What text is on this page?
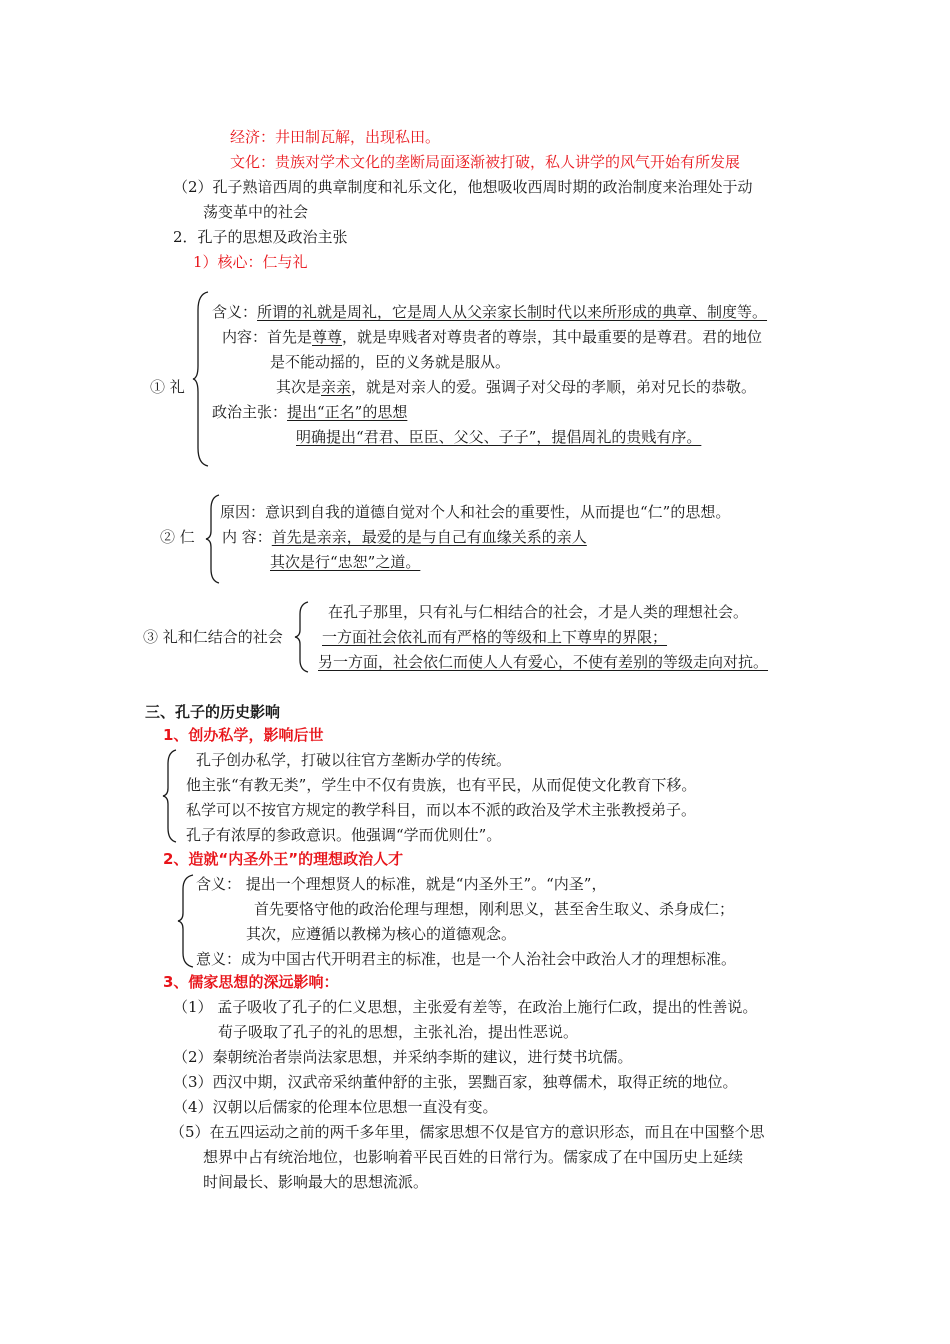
经济：井田制瓦解，出现私田。
文化：贵族对学术文化的垄断局面逐渐被打破，私人讲学的风气开始有所发展
（2）孔子熟谙西周的典章制度和礼乐文化，他想吸收西周时期的政治制度来治理处于动
荡变革中的社会
2．孔子的思想及政治主张
1）核心：仁与礼
① 礼
含义：所谓的礼就是周礼，它是周人从父亲家长制时代以来所形成的典章、制度等。
内容：首先是尊尊，就是卑贱者对尊贵者的尊崇，其中最重要的是尊君。君的地位
是不能动摇的，臣的义务就是服从。
其次是亲亲，就是对亲人的爱。强调子对父母的孝顺，弟对兄长的恭敬。
政治主张：提出“正名”的思想
明确提出“君君、臣臣、父父、子子”，提倡周礼的贵贱有序。
② 仁
原因：意识到自我的道德自觉对个人和社会的重要性，从而提也“仁”的思想。
内 容：首先是亲亲，最爱的是与自己有血缘关系的亲人
其次是行“忠恕”之道。
③ 礼和仁结合的社会
在孔子那里，只有礼与仁相结合的社会，才是人类的理想社会。
一方面社会依礼而有严格的等级和上下尊卑的界限；
另一方面，社会依仁而使人人有爱心，不使有差别的等级走向对抗。
三、孔子的历史影响
1、创办私学，影响后世
孔子创办私学，打破以往官方垄断办学的传统。
他主张“有教无类”，学生中不仅有贵族，也有平民，从而促使文化教育下移。
私学可以不按官方规定的教学科目，而以本不派的政治及学术主张教授弟子。
孔子有浓厚的参政意识。他强调“学而优则仕”。
2、造就“内圣外王”的理想政治人才
含义： 提出一个理想贤人的标准，就是“内圣外王”。“内圣”，
首先要恪守他的政治伦理与理想，刚利思义，甚至舍生取义、杀身成仁；
其次，应遵循以教梯为核心的道德观念。
意义：成为中国古代开明君主的标准，也是一个人治社会中政治人才的理想标准。
3、儒家思想的深远影响：
（1） 孟子吸收了孔子的仁义思想，主张爱有差等，在政治上施行仁政，提出的性善说。
荀子吸取了孔子的礼的思想，主张礼治，提出性恶说。
（2）秦朝统治者崇尚法家思想，并采纳李斯的建议，进行焚书坑儒。
（3）西汉中期，汉武帝采纳董仲舒的主张，罢黜百家，独尊儒术，取得正统的地位。
（4）汉朝以后儒家的伦理本位思想一直没有变。
（5）在五四运动之前的两千多年里，儒家思想不仅是官方的意识形态，而且在中国整个思
想界中占有统治地位，也影响着平民百姓的日常行为。儒家成了在中国历史上延续
时间最长、影响最大的思想流派。
